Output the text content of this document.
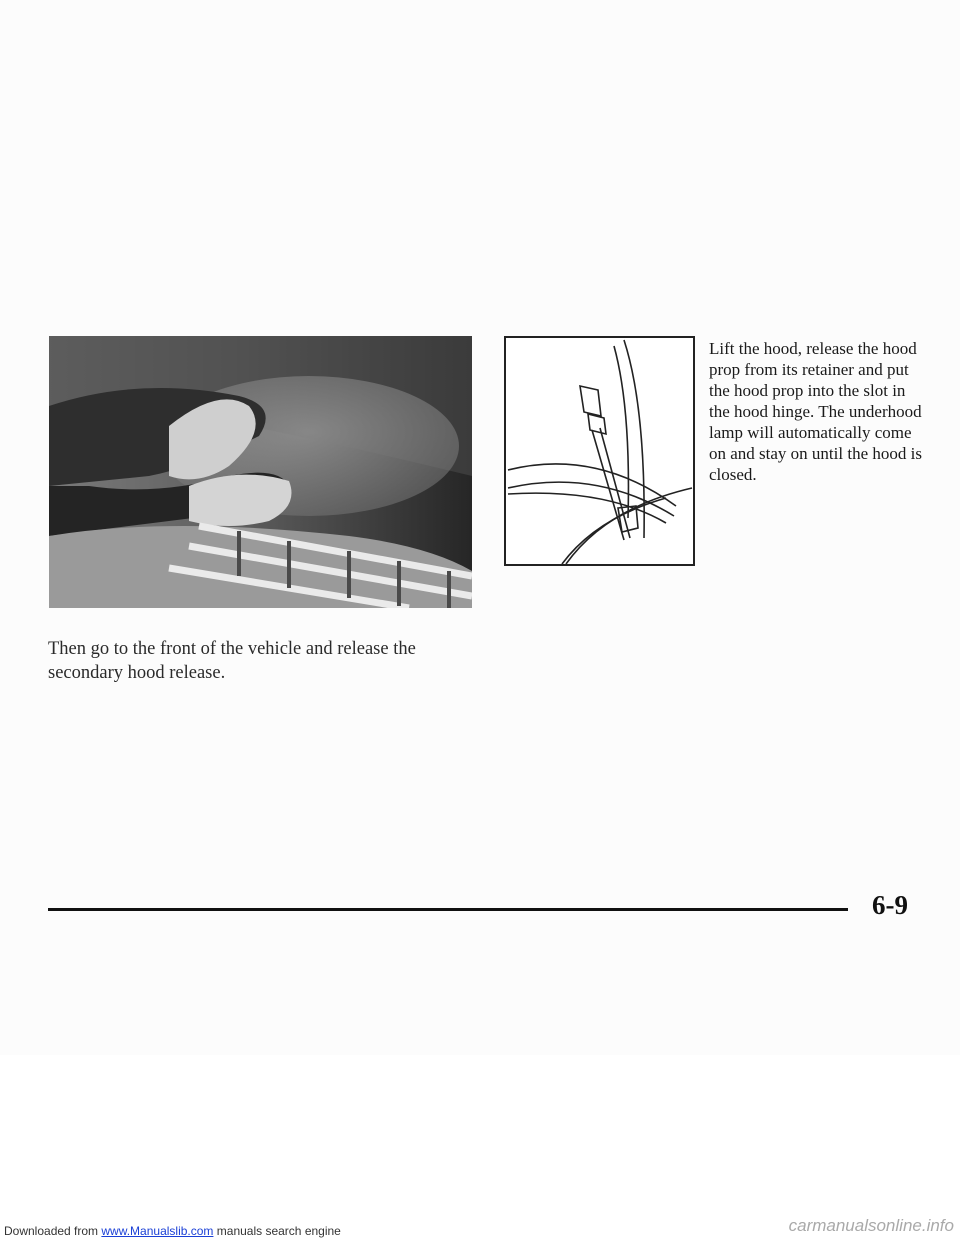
Lift the hood, release the hood prop from its retainer and put the hood prop into the slot in the hood hinge. The underhood lamp will automatically come on and stay on until the hood is closed.

Then go to the front of the vehicle and release the secondary hood release.

6-9
Downloaded from www.Manualslib.com manuals search engine	carmanualsonline.info
